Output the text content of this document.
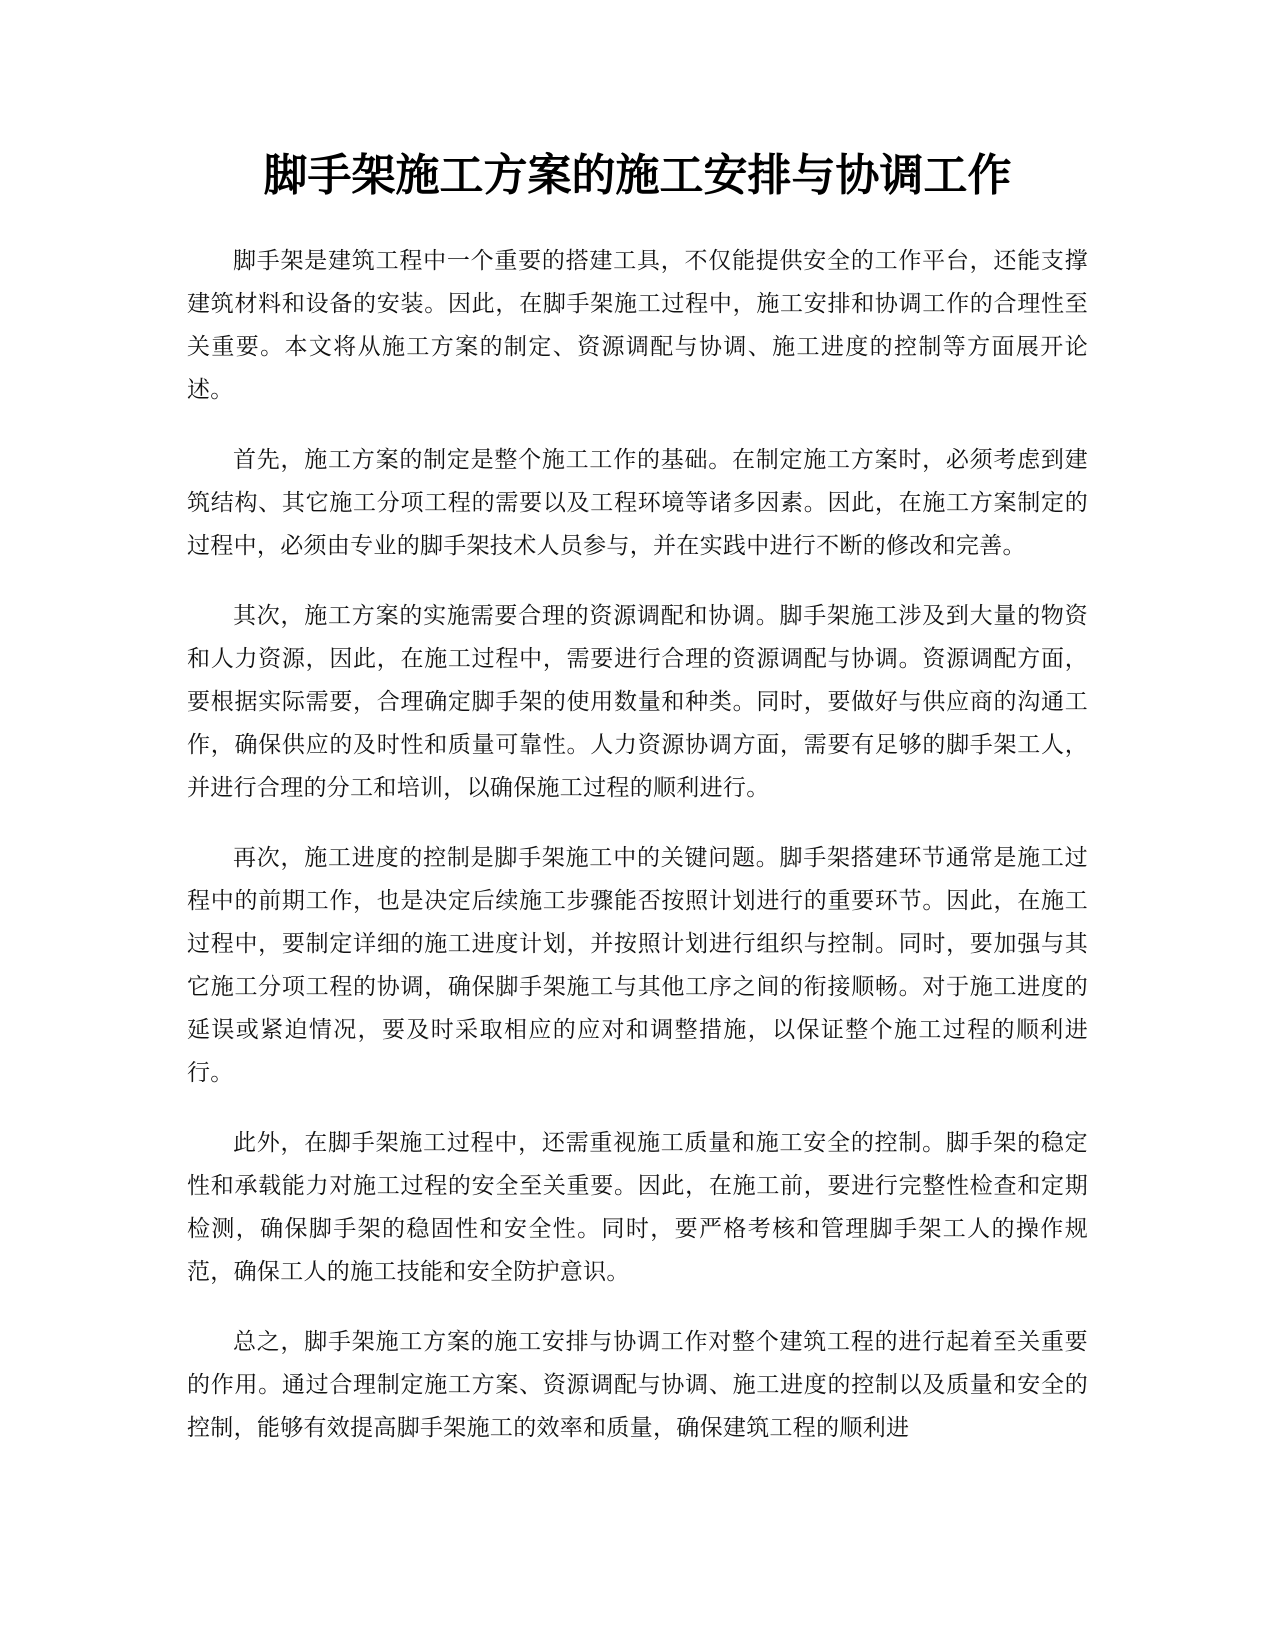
脚手架施工方案的施工安排与协调工作

脚手架是建筑工程中一个重要的搭建工具，不仅能提供安全的工作平台，还能支撑建筑材料和设备的安装。因此，在脚手架施工过程中，施工安排和协调工作的合理性至关重要。本文将从施工方案的制定、资源调配与协调、施工进度的控制等方面展开论述。

首先，施工方案的制定是整个施工工作的基础。在制定施工方案时，必须考虑到建筑结构、其它施工分项工程的需要以及工程环境等诸多因素。因此，在施工方案制定的过程中，必须由专业的脚手架技术人员参与，并在实践中进行不断的修改和完善。

其次，施工方案的实施需要合理的资源调配和协调。脚手架施工涉及到大量的物资和人力资源，因此，在施工过程中，需要进行合理的资源调配与协调。资源调配方面，要根据实际需要，合理确定脚手架的使用数量和种类。同时，要做好与供应商的沟通工作，确保供应的及时性和质量可靠性。人力资源协调方面，需要有足够的脚手架工人，并进行合理的分工和培训，以确保施工过程的顺利进行。

再次，施工进度的控制是脚手架施工中的关键问题。脚手架搭建环节通常是施工过程中的前期工作，也是决定后续施工步骤能否按照计划进行的重要环节。因此，在施工过程中，要制定详细的施工进度计划，并按照计划进行组织与控制。同时，要加强与其它施工分项工程的协调，确保脚手架施工与其他工序之间的衔接顺畅。对于施工进度的延误或紧迫情况，要及时采取相应的应对和调整措施，以保证整个施工过程的顺利进行。

此外，在脚手架施工过程中，还需重视施工质量和施工安全的控制。脚手架的稳定性和承载能力对施工过程的安全至关重要。因此，在施工前，要进行完整性检查和定期检测，确保脚手架的稳固性和安全性。同时，要严格考核和管理脚手架工人的操作规范，确保工人的施工技能和安全防护意识。

总之，脚手架施工方案的施工安排与协调工作对整个建筑工程的进行起着至关重要的作用。通过合理制定施工方案、资源调配与协调、施工进度的控制以及质量和安全的控制，能够有效提高脚手架施工的效率和质量，确保建筑工程的顺利进
